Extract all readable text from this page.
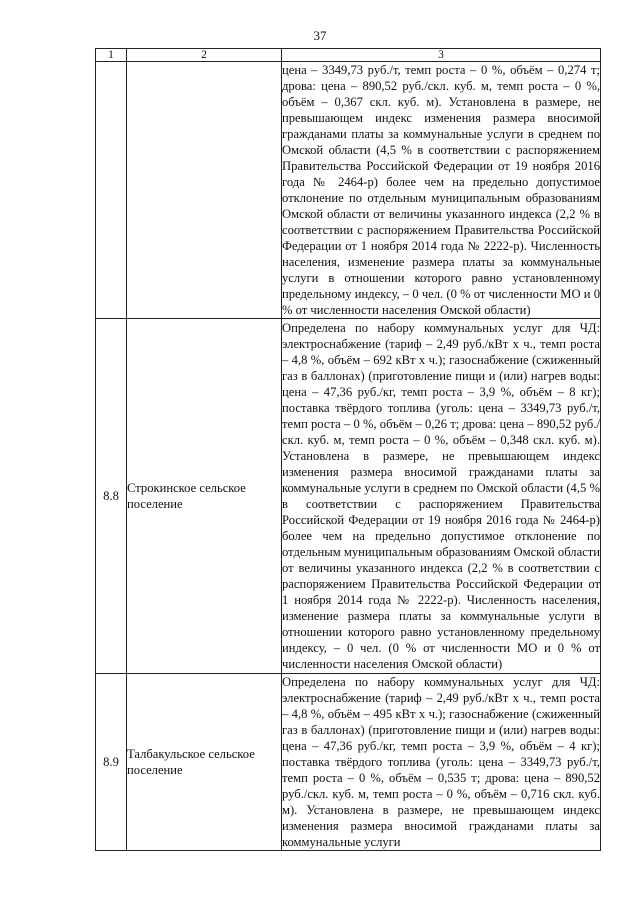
37
1	2	3

		цена – 3349,73 руб./т, темп роста – 0 %, объём – 0,274 т; дрова: цена – 890,52 руб./скл. куб. м, темп роста – 0 %, объём – 0,367 скл. куб. м). Установлена в размере, не превышающем индекс изменения размера вносимой гражданами платы за коммунальные услуги в среднем по Омской области (4,5 % в соответствии с распоряжением Правительства Российской Федерации от 19 ноября 2016 года № 2464-р) более чем на предельно допустимое отклонение по отдельным муниципальным образованиям Омской области от величины указанного индекса (2,2 % в соответствии с распоряжением Правительства Российской Федерации от 1 ноября 2014 года № 2222-р). Численность населения, изменение размера платы за коммунальные услуги в отношении которого равно установленному предельному индексу, – 0 чел. (0 % от численности МО и 0 % от численности населения Омской области)

8.8	Строкинское сельское поселение	Определена по набору коммунальных услуг для ЧД: электроснабжение (тариф – 2,49 руб./кВт х ч., темп роста – 4,8 %, объём – 692 кВт х ч.); газоснабжение (сжиженный газ в баллонах) (приготовление пищи и (или) нагрев воды: цена – 47,36 руб./кг, темп роста – 3,9 %, объём – 8 кг); поставка твёрдого топлива (уголь: цена – 3349,73 руб./т, темп роста – 0 %, объём – 0,26 т; дрова: цена – 890,52 руб./скл. куб. м, темп роста – 0 %, объём – 0,348 скл. куб. м). Установлена в размере, не превышающем индекс изменения размера вносимой гражданами платы за коммунальные услуги в среднем по Омской области (4,5 % в соответствии с распоряжением Правительства Российской Федерации от 19 ноября 2016 года № 2464-р) более чем на предельно допустимое отклонение по отдельным муниципальным образованиям Омской области от величины указанного индекса (2,2 % в соответствии с распоряжением Правительства Российской Федерации от 1 ноября 2014 года № 2222-р). Численность населения, изменение размера платы за коммунальные услуги в отношении которого равно установленному предельному индексу, – 0 чел. (0 % от численности МО и 0 % от численности населения Омской области)

8.9	Талбакульское сельское поселение	Определена по набору коммунальных услуг для ЧД: электроснабжение (тариф – 2,49 руб./кВт х ч., темп роста – 4,8 %, объём – 495 кВт х ч.); газоснабжение (сжиженный газ в баллонах) (приготовление пищи и (или) нагрев воды: цена – 47,36 руб./кг, темп роста – 3,9 %, объём – 4 кг); поставка твёрдого топлива (уголь: цена – 3349,73 руб./т, темп роста – 0 %, объём – 0,535 т; дрова: цена – 890,52 руб./скл. куб. м, темп роста – 0 %, объём – 0,716 скл. куб. м). Установлена в размере, не превышающем индекс изменения размера вносимой гражданами платы за коммунальные услуги
